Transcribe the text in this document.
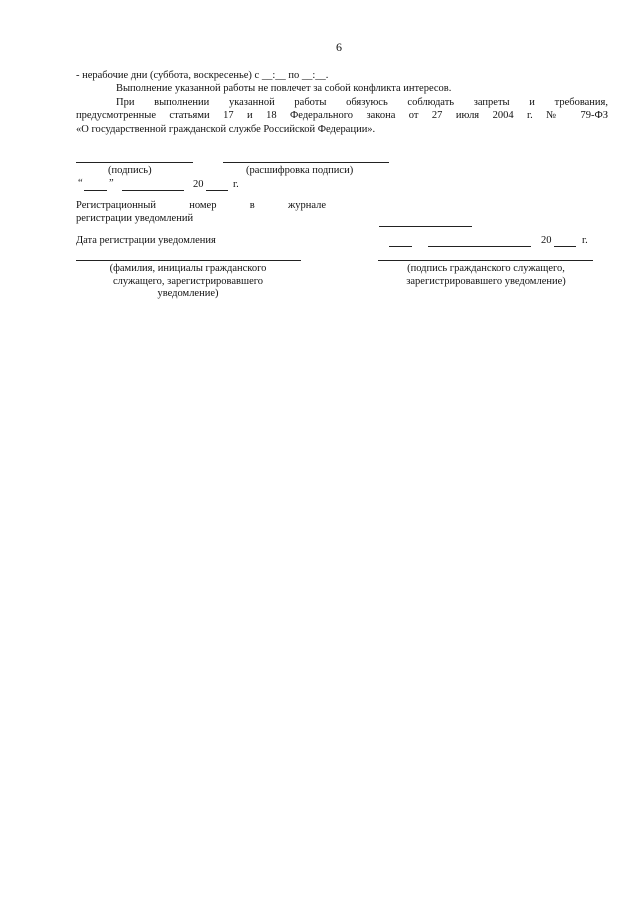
6
- нерабочие дни (суббота, воскресенье) с __:__ по __:__.
Выполнение указанной работы не повлечет за собой конфликта интересов.
При выполнении указанной работы обязуюсь соблюдать запреты и требования,
предусмотренные статьями 17 и 18 Федерального закона от 27 июля 2004 г. № 79-ФЗ
«О государственной гражданской службе Российской Федерации».
(подпись)	(расшифровка подписи)
“	”	20	г.
Регистрационный номер в журнале
регистрации уведомлений
Дата регистрации уведомления	20	г.
(фамилия, инициалы гражданского служащего, зарегистрировавшего уведомление)
(подпись гражданского служащего, зарегистрировавшего уведомление)
